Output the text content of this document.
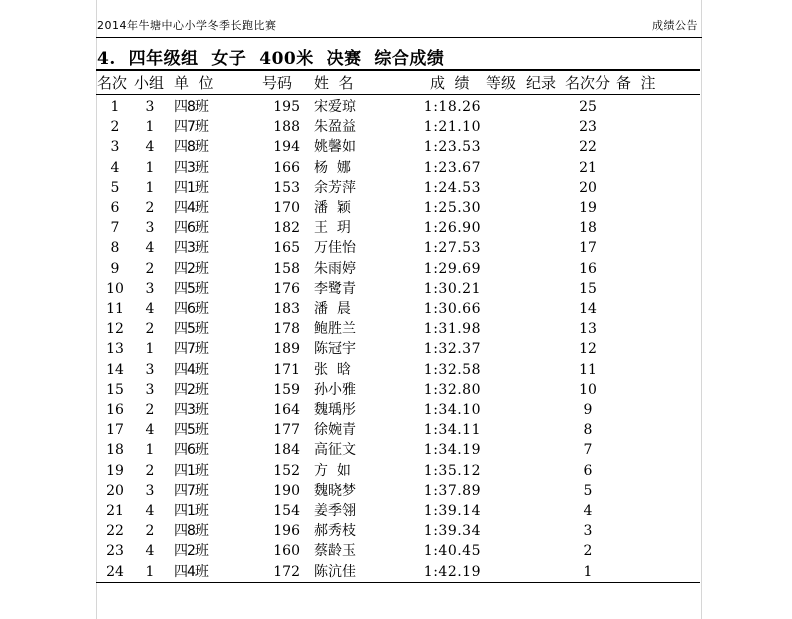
2014年牛塘中心小学冬季长跑比赛	成绩公告
4.  四年级组  女子  400米  决赛  综合成绩
名次 小组 单  位	号码 姓  名	成  绩 等级 纪录 名次分 备  注
1	3	四8班	195 宋爱琼	1:18.26	25
2	1	四7班	188 朱盈益	1:21.10	23
3	4	四8班	194 姚馨如	1:23.53	22
4	1	四3班	166 杨  娜	1:23.67	21
5	1	四1班	153 余芳萍	1:24.53	20
6	2	四4班	170 潘  颖	1:25.30	19
7	3	四6班	182 王  玥	1:26.90	18
8	4	四3班	165 万佳怡	1:27.53	17
9	2	四2班	158 朱雨婷	1:29.69	16
10	3	四5班	176 李鹭青	1:30.21	15
11	4	四6班	183 潘  晨	1:30.66	14
12	2	四5班	178 鲍胜兰	1:31.98	13
13	1	四7班	189 陈冠宇	1:32.37	12
14	3	四4班	171 张  晗	1:32.58	11
15	3	四2班	159 孙小雅	1:32.80	10
16	2	四3班	164 魏瑀彤	1:34.10	9
17	4	四5班	177 徐婉青	1:34.11	8
18	1	四6班	184 高征文	1:34.19	7
19	2	四1班	152 方  如	1:35.12	6
20	3	四7班	190 魏晓梦	1:37.89	5
21	4	四1班	154 姜季翎	1:39.14	4
22	2	四8班	196 郝秀枝	1:39.34	3
23	4	四2班	160 蔡龄玉	1:40.45	2
24	1	四4班	172 陈沆佳	1:42.19	1
